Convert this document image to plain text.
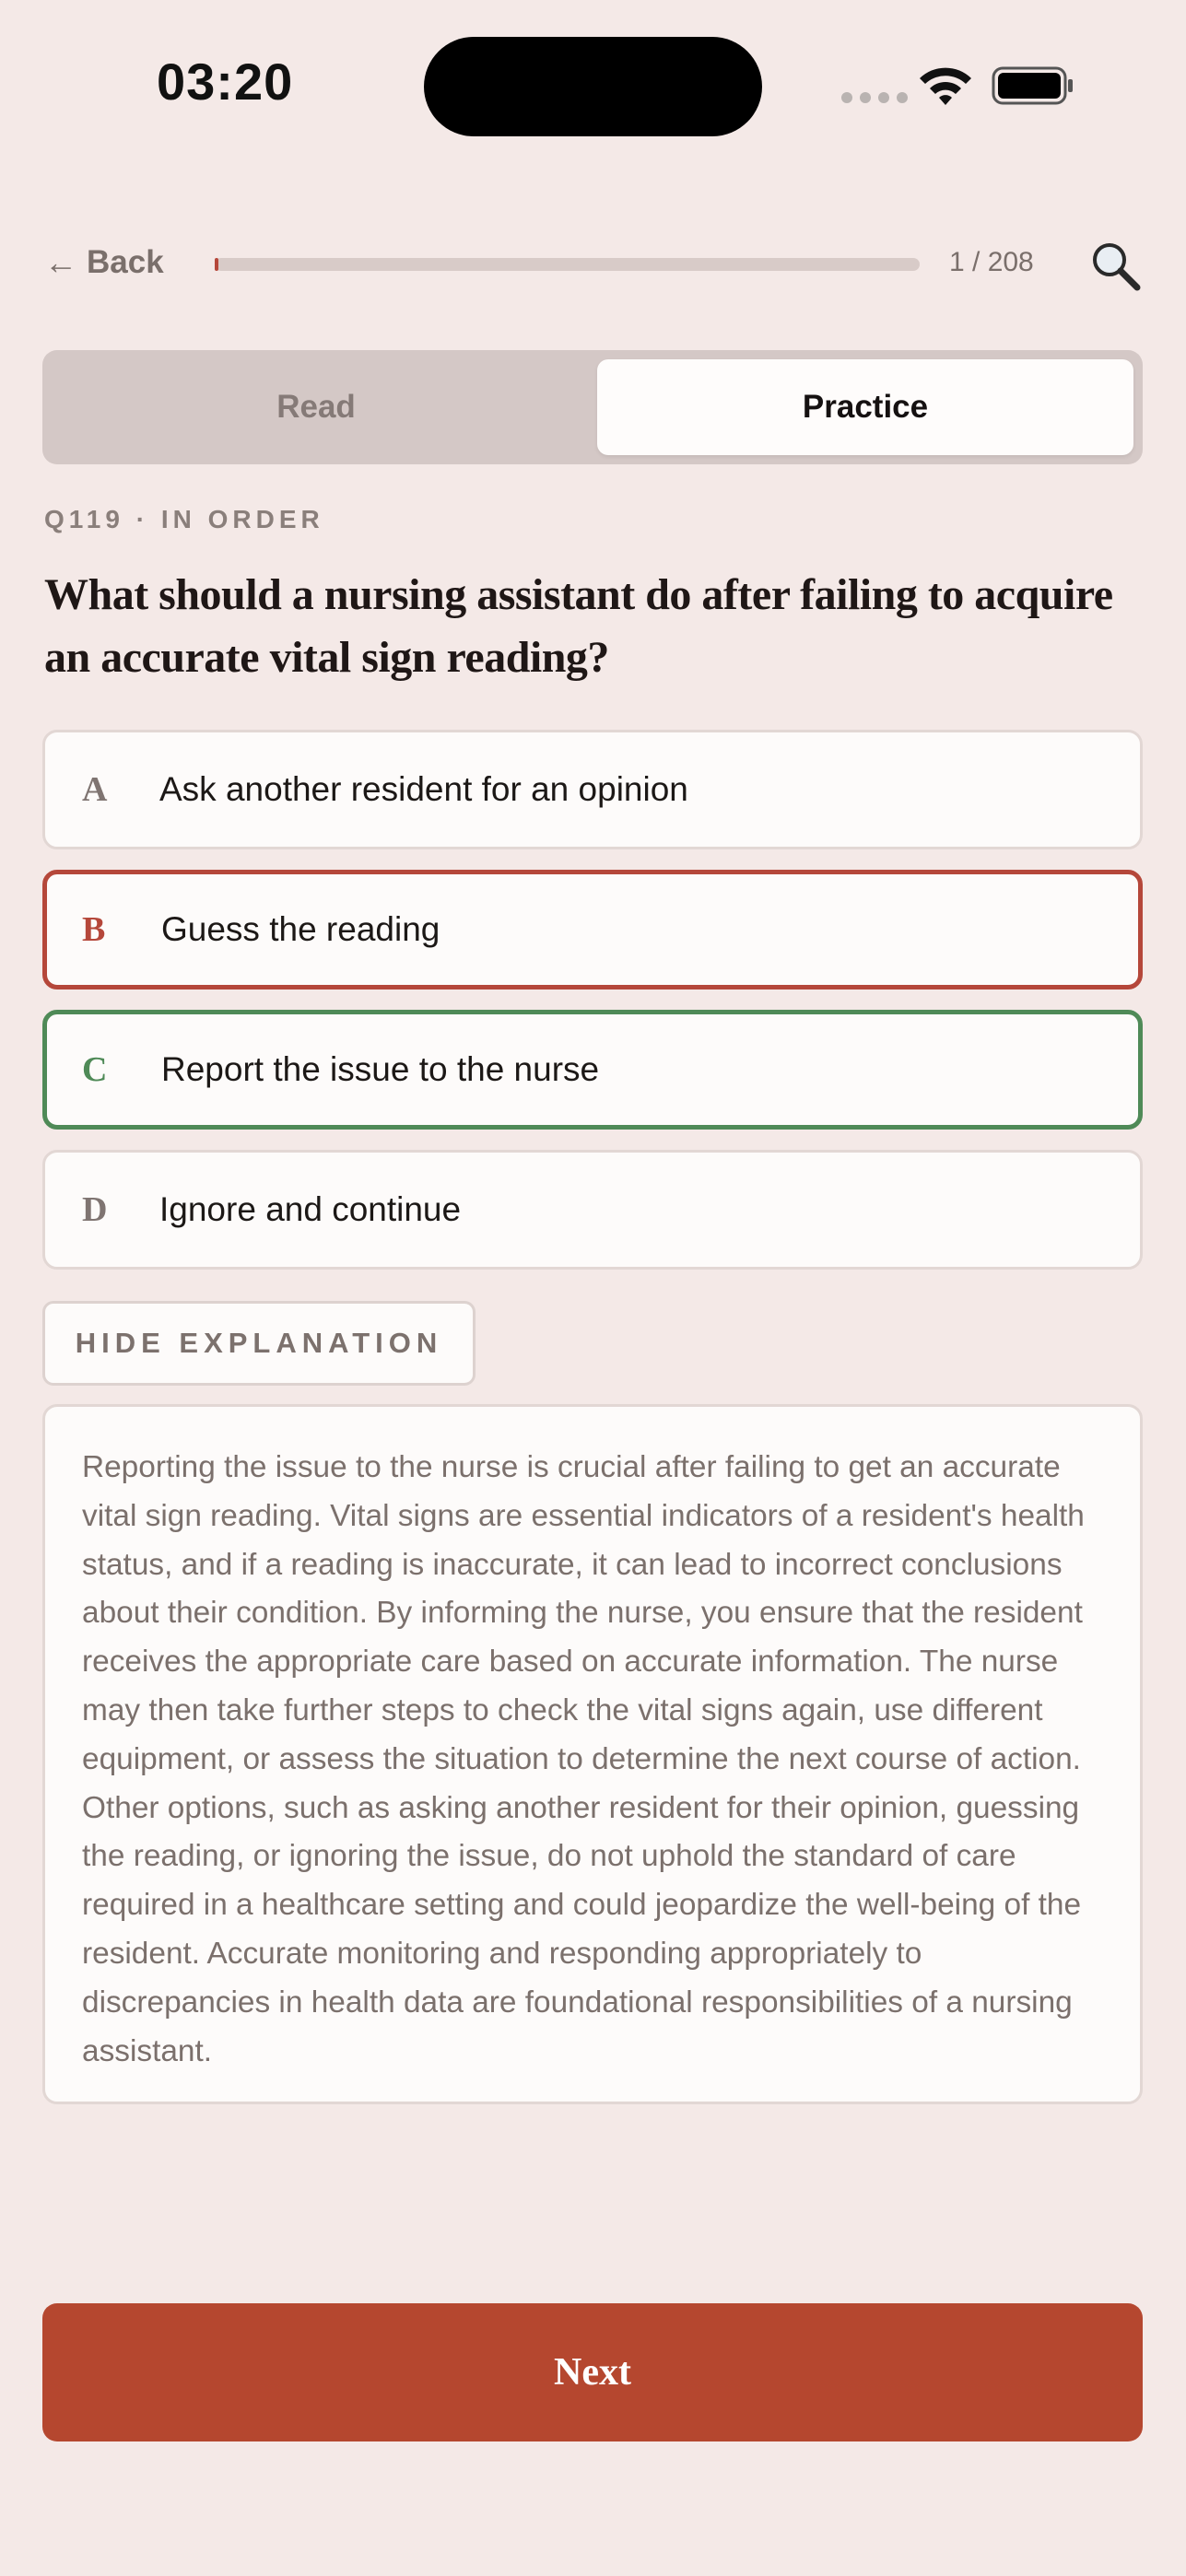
03:20
← Back	1 / 208
Read	Practice
Q119 · IN ORDER
What should a nursing assistant do after failing to acquire an accurate vital sign reading?
A	Ask another resident for an opinion
B	Guess the reading
C	Report the issue to the nurse
D	Ignore and continue
HIDE EXPLANATION

Reporting the issue to the nurse is crucial after failing to get an accurate vital sign reading. Vital signs are essential indicators of a resident's health status, and if a reading is inaccurate, it can lead to incorrect conclusions about their condition. By informing the nurse, you ensure that the resident receives the appropriate care based on accurate information. The nurse may then take further steps to check the vital signs again, use different equipment, or assess the situation to determine the next course of action. Other options, such as asking another resident for their opinion, guessing the reading, or ignoring the issue, do not uphold the standard of care required in a healthcare setting and could jeopardize the well-being of the resident. Accurate monitoring and responding appropriately to discrepancies in health data are foundational responsibilities of a nursing assistant.

Next
